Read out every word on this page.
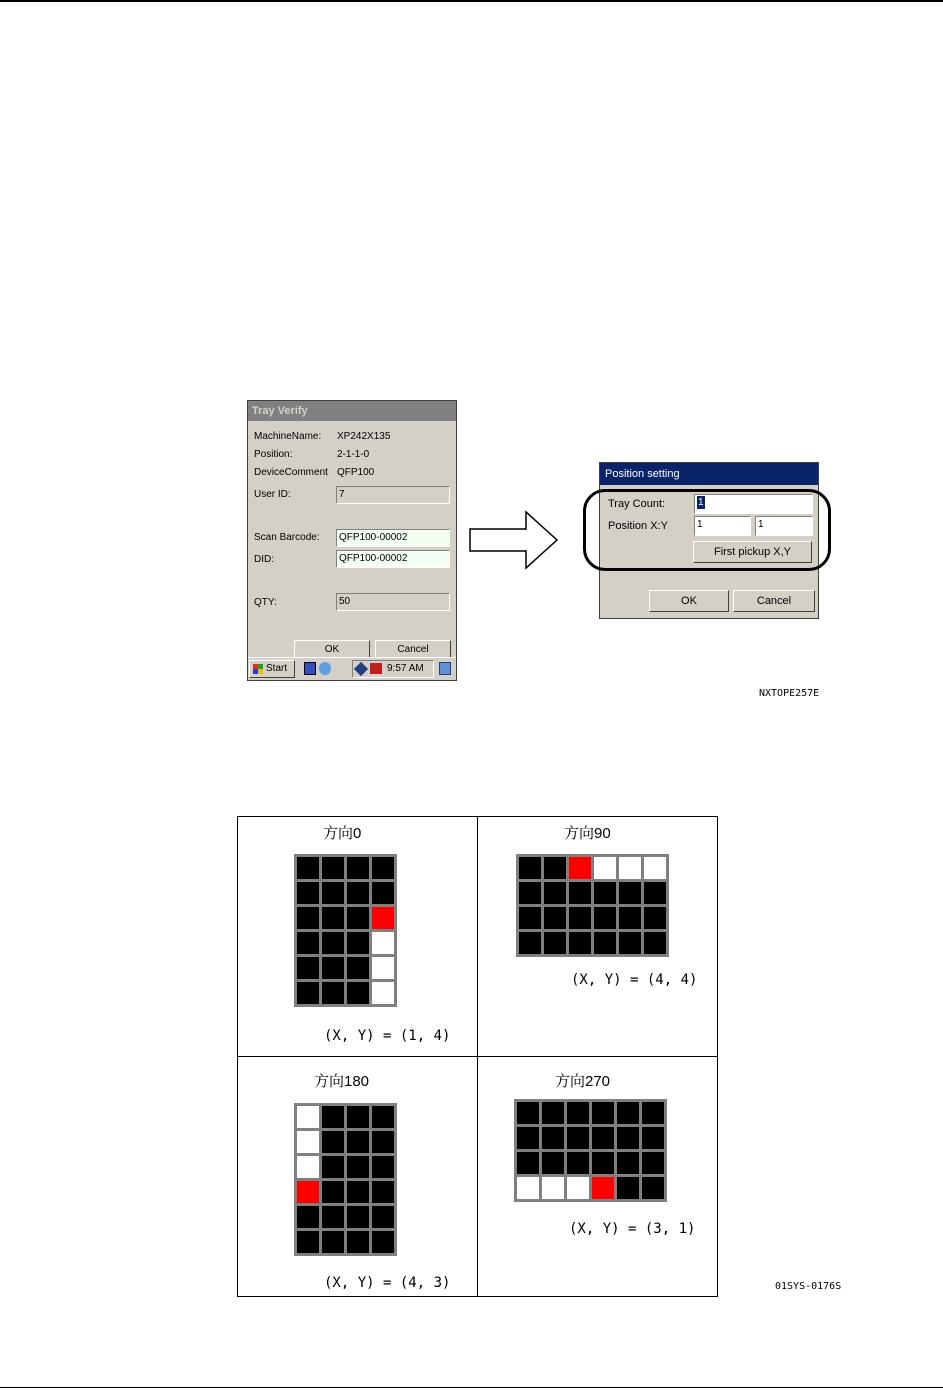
Tray Verify
MachineName: XP242X135
Position:	2-1-1-0
DeviceComment QFP100
User ID:	7
Scan Barcode:	QFP100-00002
DID:	QFP100-00002
QTY:	50
OK	Cancel
Start	9:57 AM
Position setting
Tray Count:	1
Position X:Y	1	1
First pickup X,Y
OK	Cancel
NXTOPE257E
方向0
(X, Y) = (1, 4)
方向90
(X, Y) = (4, 4)
方向180
(X, Y) = (4, 3)
方向270
(X, Y) = (3, 1)
01SYS-0176S
